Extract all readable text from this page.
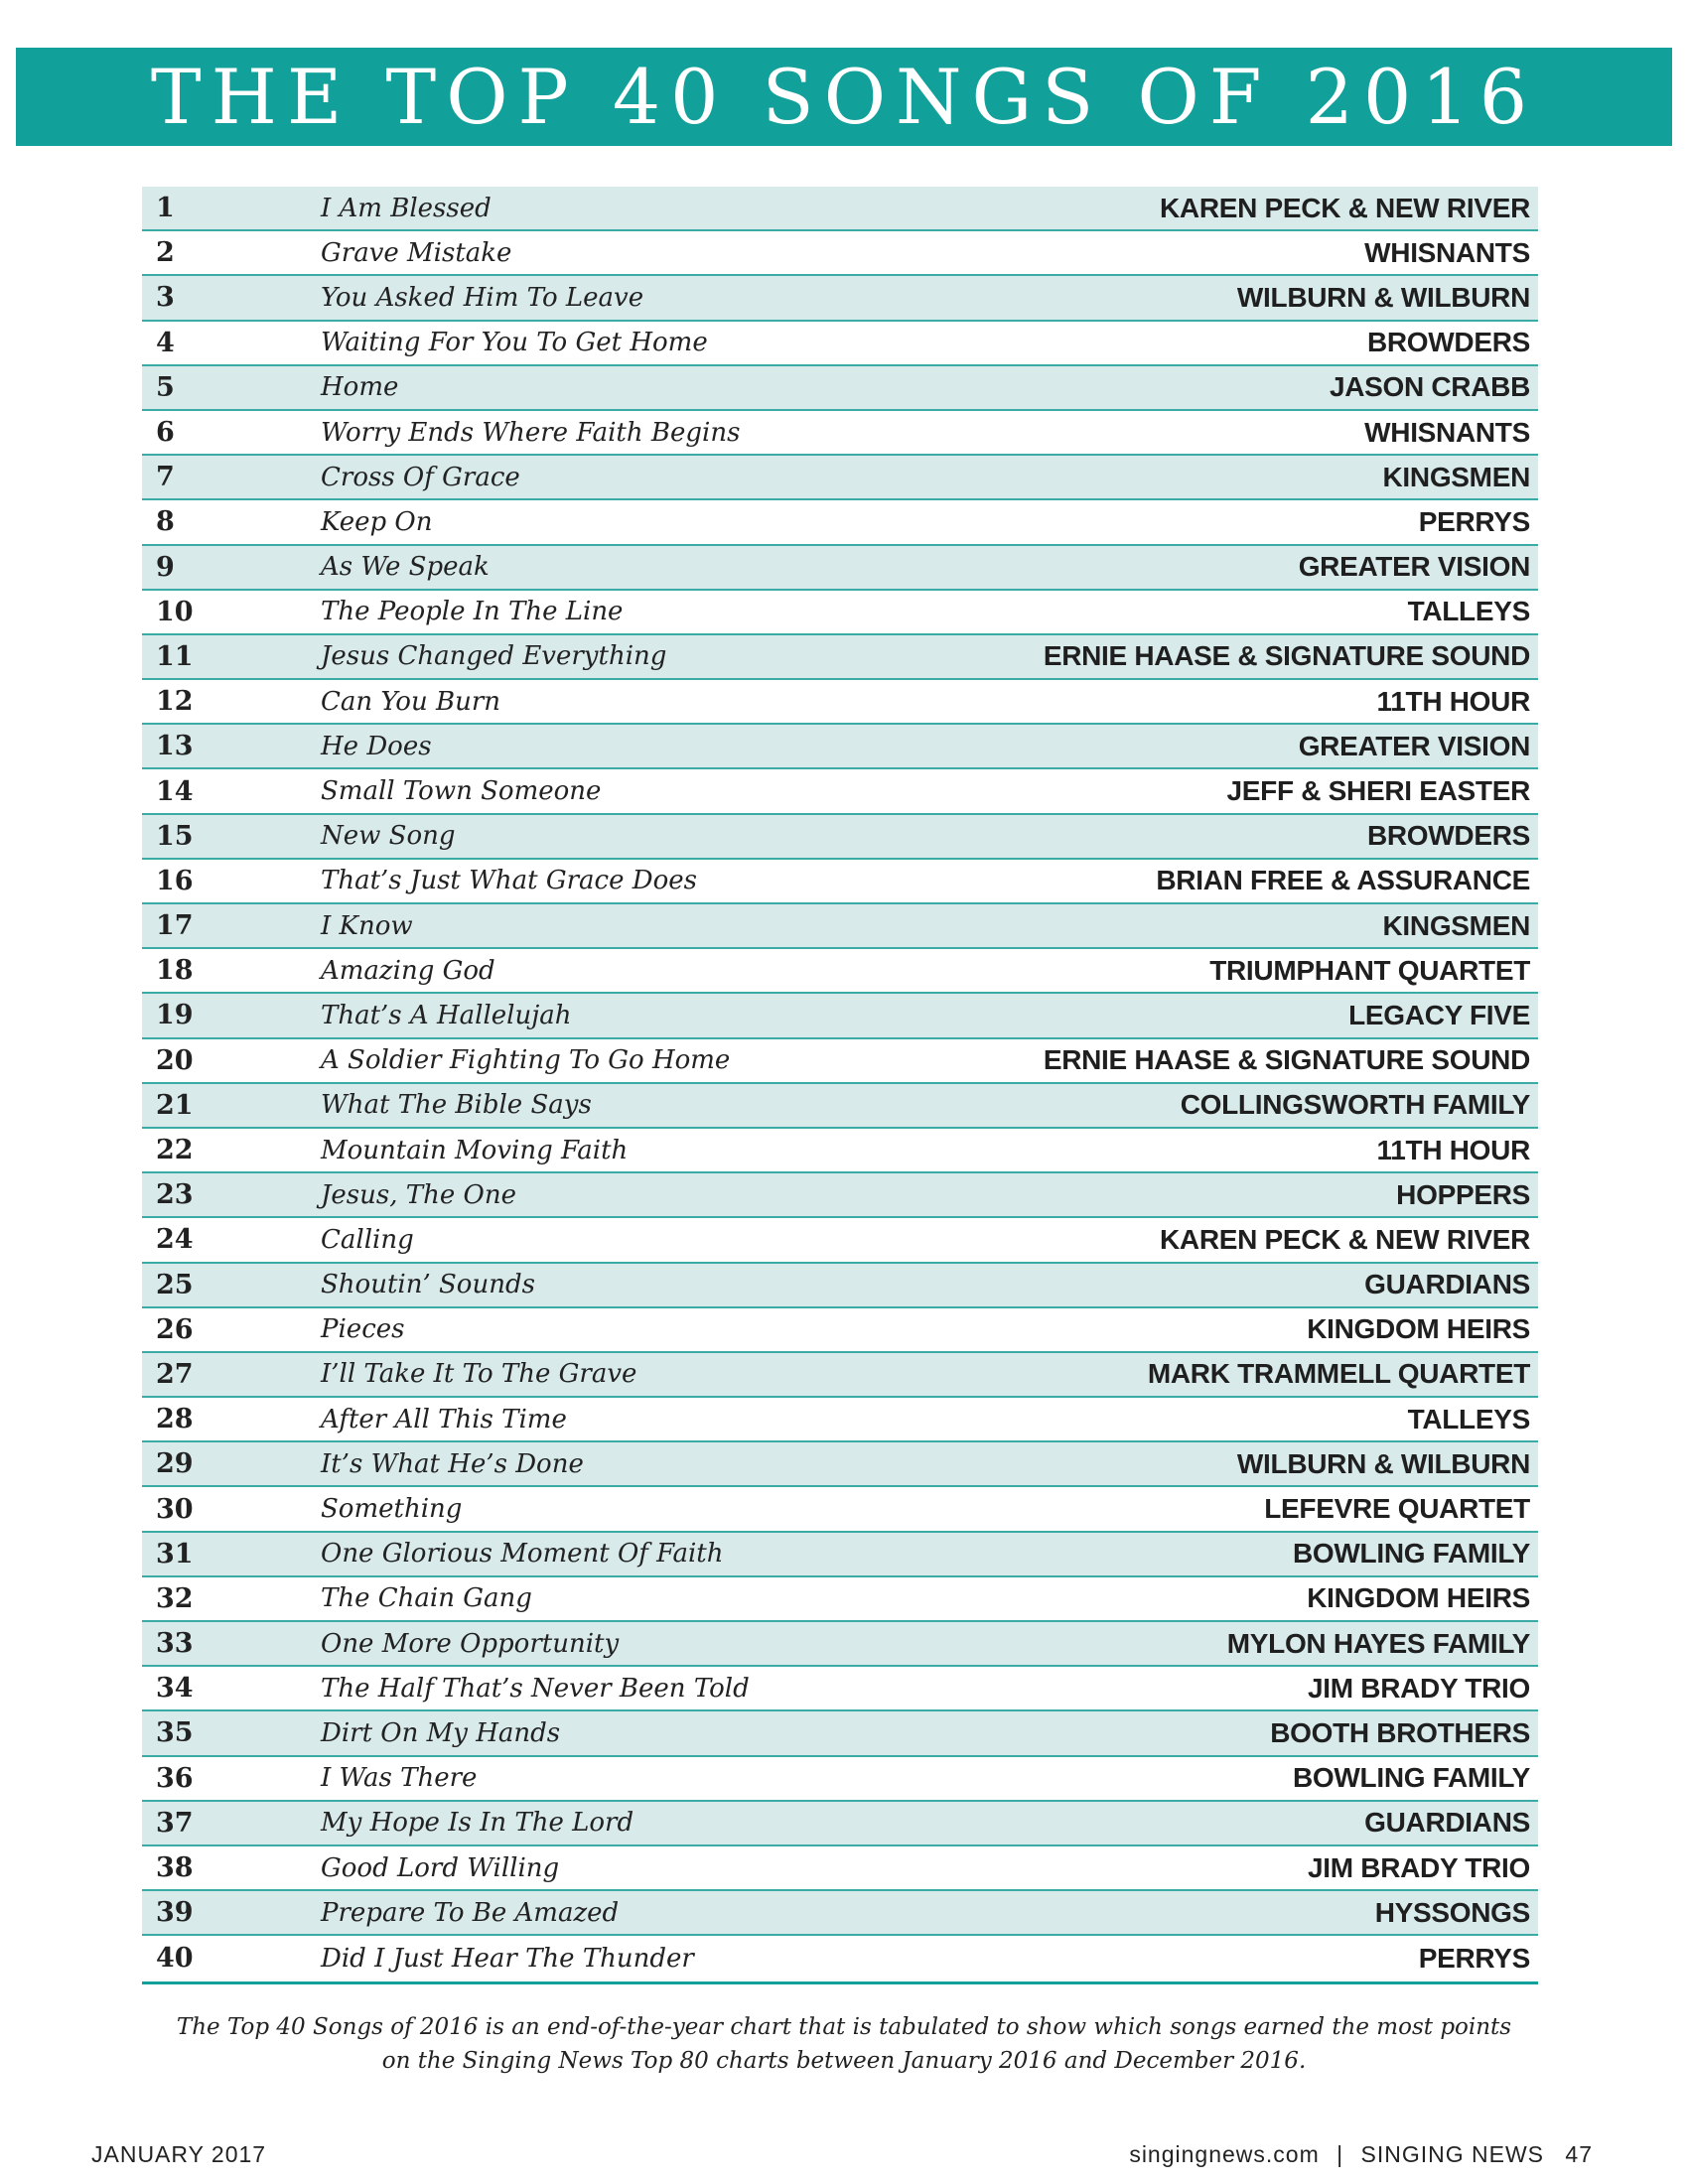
THE TOP 40 SONGS OF 2016
1	I Am Blessed	KAREN PECK & NEW RIVER
2	Grave Mistake	WHISNANTS
3	You Asked Him To Leave	WILBURN & WILBURN
4	Waiting For You To Get Home	BROWDERS
5	Home	JASON CRABB
6	Worry Ends Where Faith Begins	WHISNANTS
7	Cross Of Grace	KINGSMEN
8	Keep On	PERRYS
9	As We Speak	GREATER VISION
10	The People In The Line	TALLEYS
11	Jesus Changed Everything	ERNIE HAASE & SIGNATURE SOUND
12	Can You Burn	11TH HOUR
13	He Does	GREATER VISION
14	Small Town Someone	JEFF & SHERI EASTER
15	New Song	BROWDERS
16	That’s Just What Grace Does	BRIAN FREE & ASSURANCE
17	I Know	KINGSMEN
18	Amazing God	TRIUMPHANT QUARTET
19	That’s A Hallelujah	LEGACY FIVE
20	A Soldier Fighting To Go Home	ERNIE HAASE & SIGNATURE SOUND
21	What The Bible Says	COLLINGSWORTH FAMILY
22	Mountain Moving Faith	11TH HOUR
23	Jesus, The One	HOPPERS
24	Calling	KAREN PECK & NEW RIVER
25	Shoutin’ Sounds	GUARDIANS
26	Pieces	KINGDOM HEIRS
27	I’ll Take It To The Grave	MARK TRAMMELL QUARTET
28	After All This Time	TALLEYS
29	It’s What He’s Done	WILBURN & WILBURN
30	Something	LEFEVRE QUARTET
31	One Glorious Moment Of Faith	BOWLING FAMILY
32	The Chain Gang	KINGDOM HEIRS
33	One More Opportunity	MYLON HAYES FAMILY
34	The Half That’s Never Been Told	JIM BRADY TRIO
35	Dirt On My Hands	BOOTH BROTHERS
36	I Was There	BOWLING FAMILY
37	My Hope Is In The Lord	GUARDIANS
38	Good Lord Willing	JIM BRADY TRIO
39	Prepare To Be Amazed	HYSSONGS
40	Did I Just Hear The Thunder	PERRYS
The Top 40 Songs of 2016 is an end-of-the-year chart that is tabulated to show which songs earned the most points
on the Singing News Top 80 charts between January 2016 and December 2016.
JANUARY 2017	singingnews.com | SINGING NEWS 47
